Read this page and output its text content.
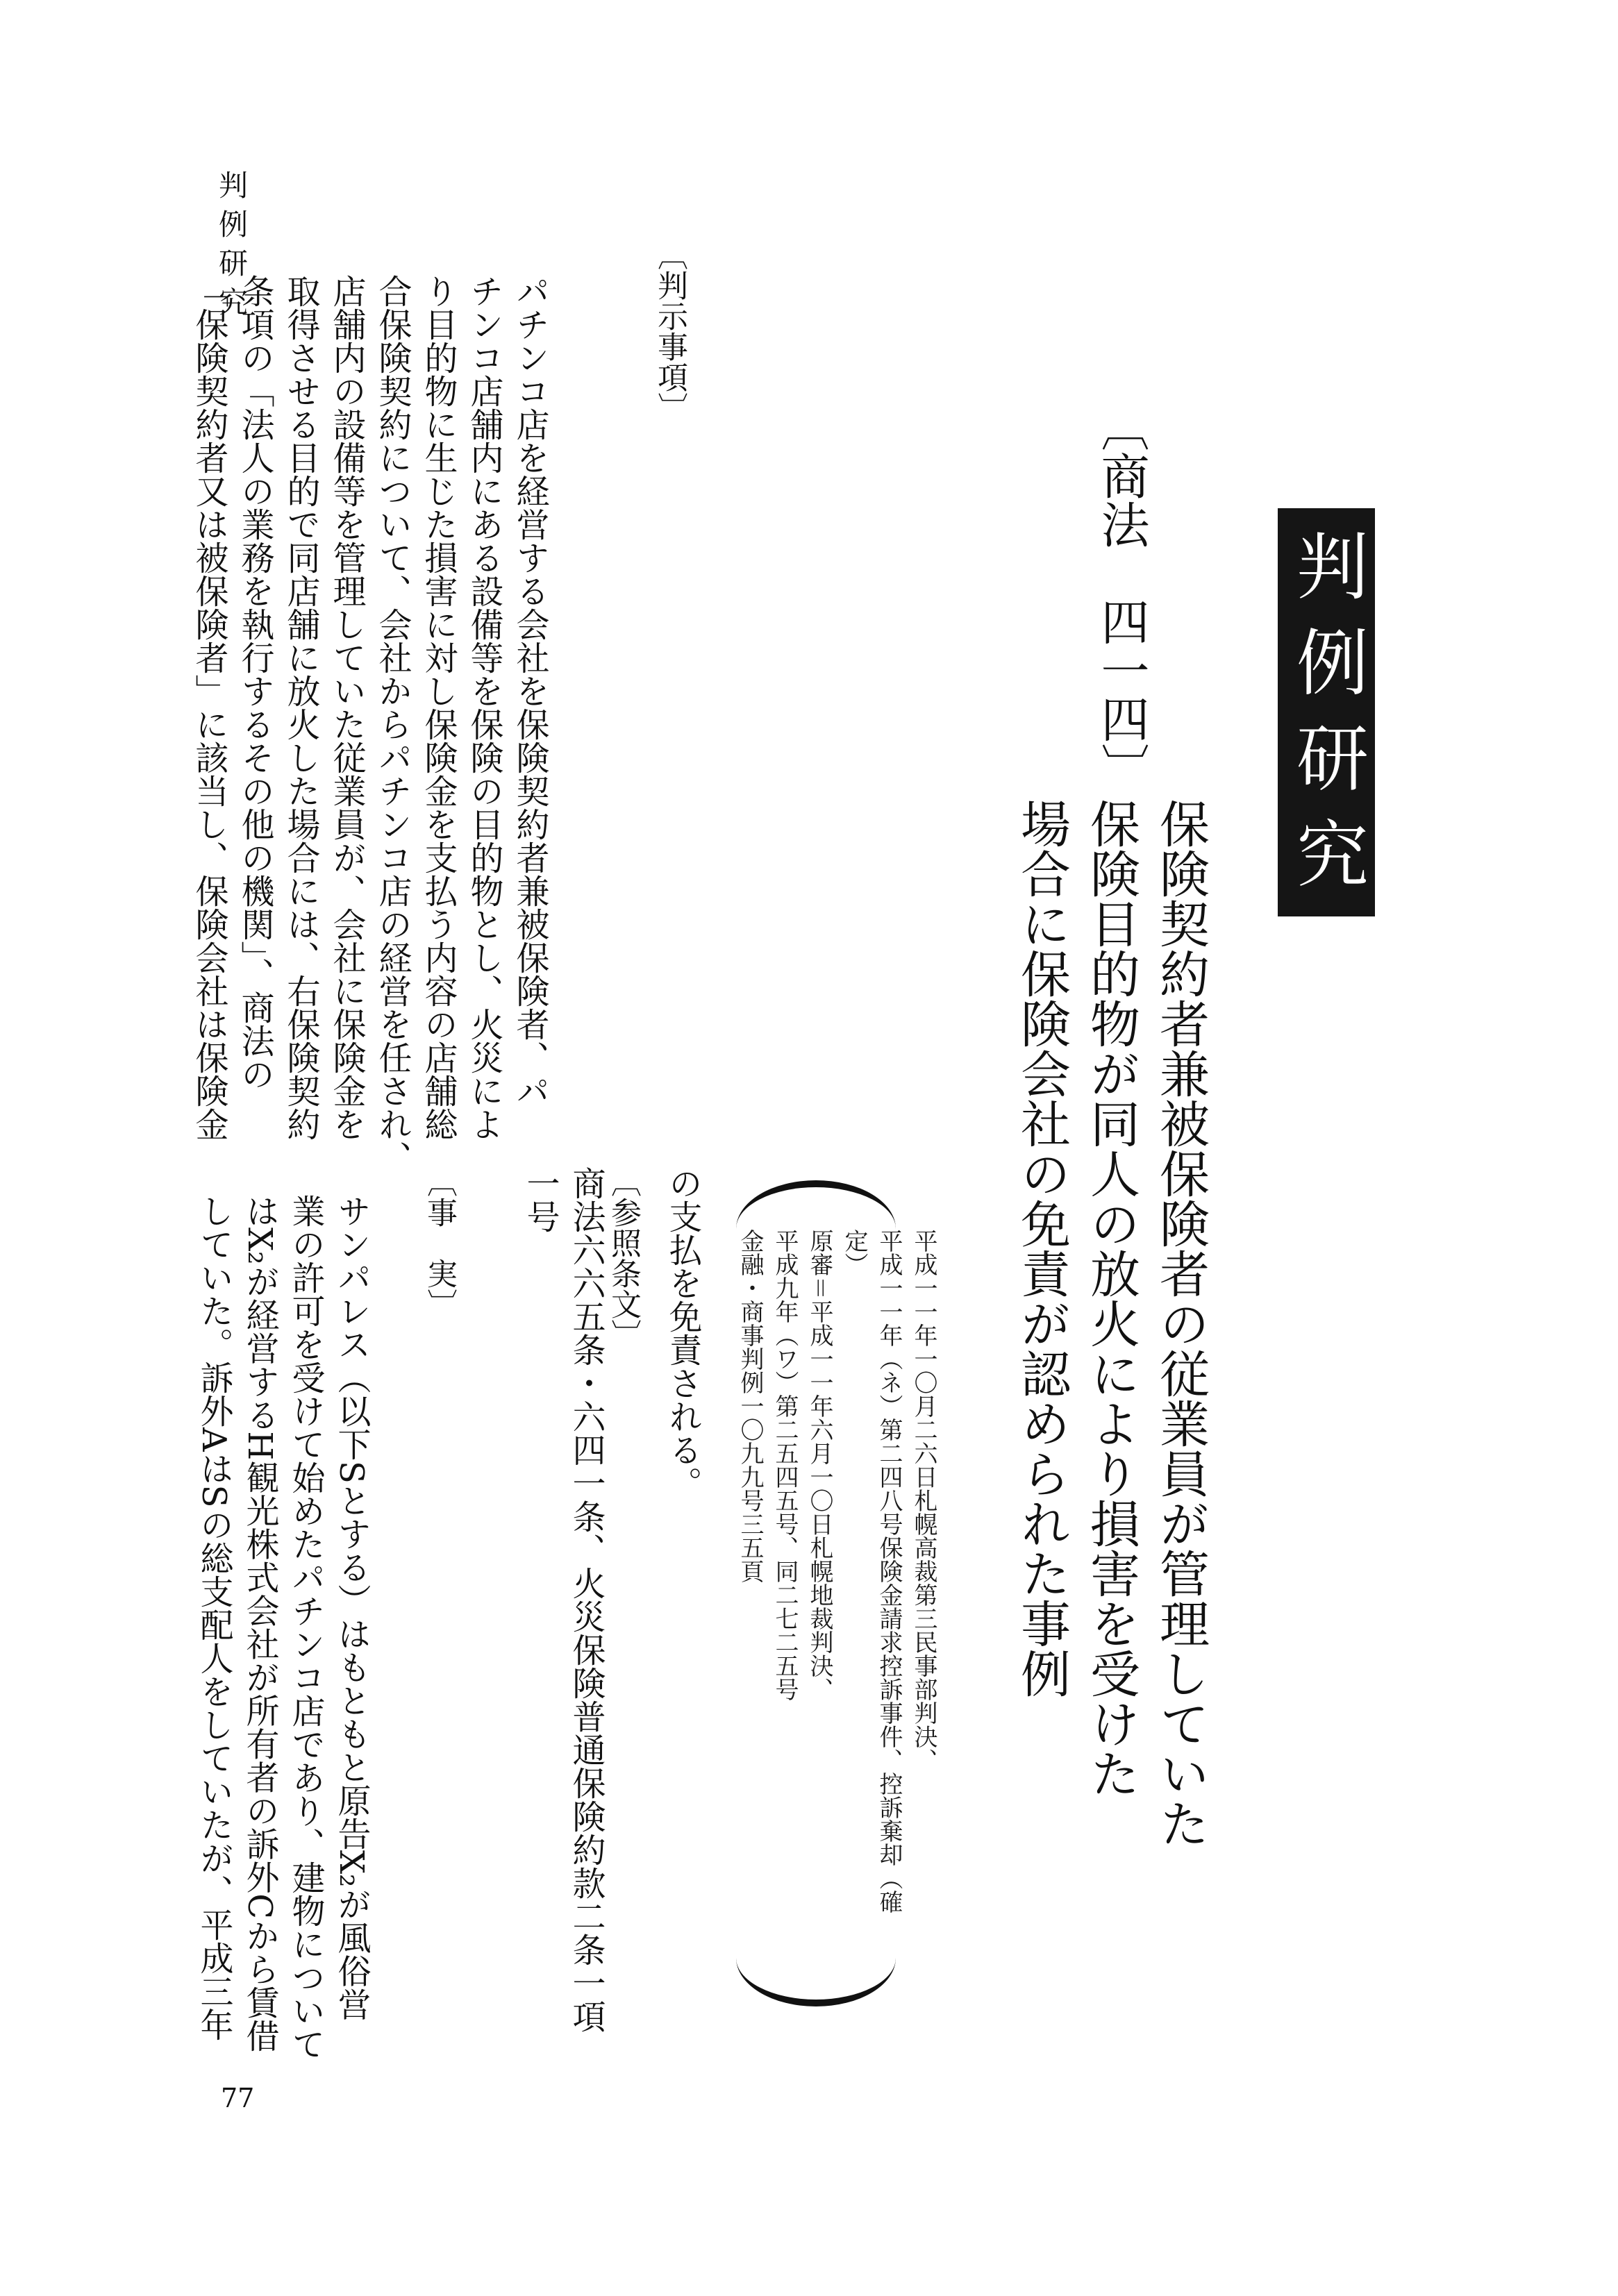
判例研究
判例研究
保険契約者兼被保険者の従業員が管理していた
保険目的物が同人の放火により損害を受けた
場合に保険会社の免責が認められた事例
〔商法　四一四〕
平成一一年一〇月二六日札幌高裁第三民事部判決、
平成一一年（ネ）第二四八号保険金請求控訴事件、控訴棄却（確
定）
原審＝平成一一年六月一〇日札幌地裁判決、
平成九年（ワ）第二五四五号、同二七二五号
金融・商事判例一〇九九号三五頁
〔判示事項〕
パチンコ店を経営する会社を保険契約者兼被保険者、パ
チンコ店舗内にある設備等を保険の目的物とし、火災によ
り目的物に生じた損害に対し保険金を支払う内容の店舗総
合保険契約について、会社からパチンコ店の経営を任され、
店舗内の設備等を管理していた従業員が、会社に保険金を
取得させる目的で同店舗に放火した場合には、右保険契約
条項の「法人の業務を執行するその他の機関」、商法の
「保険契約者又は被保険者」に該当し、保険会社は保険金
の支払を免責される。
〔参照条文〕
商法六六五条・六四一条、火災保険普通保険約款二条一項
一号
〔事　実〕
サンパレス（以下Sとする）はもともと原告X₂が風俗営
業の許可を受けて始めたパチンコ店であり、建物について
はX₂が経営するH観光株式会社が所有者の訴外Cから賃借
していた。訴外AはSの総支配人をしていたが、平成三年
77
